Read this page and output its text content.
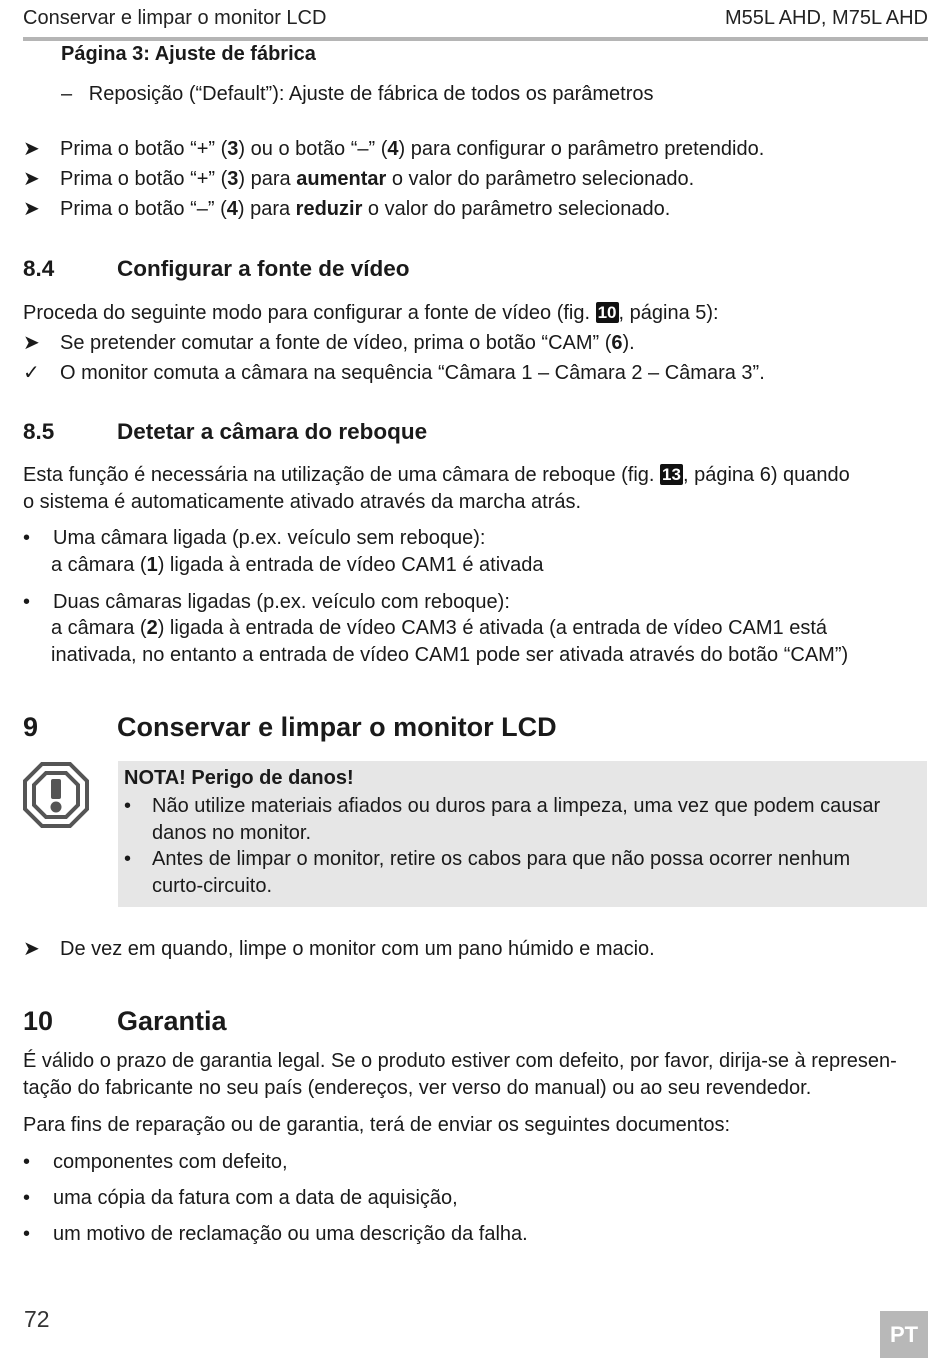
Conservar e limpar o monitor LCD	M55L AHD, M75L AHD
Página 3: Ajuste de fábrica
– Reposição (“Default”): Ajuste de fábrica de todos os parâmetros
➤ Prima o botão “+” (3) ou o botão “–” (4) para configurar o parâmetro pretendido.
➤ Prima o botão “+” (3) para aumentar o valor do parâmetro selecionado.
➤ Prima o botão “–” (4) para reduzir o valor do parâmetro selecionado.
8.4	Configurar a fonte de vídeo
Proceda do seguinte modo para configurar a fonte de vídeo (fig. 10 , página 5):
➤ Se pretender comutar a fonte de vídeo, prima o botão “CAM” (6).
✓ O monitor comuta a câmara na sequência “Câmara 1 – Câmara 2 – Câmara 3”.
8.5	Detetar a câmara do reboque
Esta função é necessária na utilização de uma câmara de reboque (fig. 13 , página 6) quando
o sistema é automaticamente ativado através da marcha atrás.
• Uma câmara ligada (p.ex. veículo sem reboque):
a câmara (1) ligada à entrada de vídeo CAM1 é ativada
• Duas câmaras ligadas (p.ex. veículo com reboque):
a câmara (2) ligada à entrada de vídeo CAM3 é ativada (a entrada de vídeo CAM1 está
inativada, no entanto a entrada de vídeo CAM1 pode ser ativada através do botão “CAM”)
9	Conservar e limpar o monitor LCD
NOTA! Perigo de danos!
• Não utilize materiais afiados ou duros para a limpeza, uma vez que podem causar
danos no monitor.
• Antes de limpar o monitor, retire os cabos para que não possa ocorrer nenhum
curto-circuito.
➤ De vez em quando, limpe o monitor com um pano húmido e macio.
10 Garantia
É válido o prazo de garantia legal. Se o produto estiver com defeito, por favor, dirija-se à represen-
tação do fabricante no seu país (endereços, ver verso do manual) ou ao seu revendedor.
Para fins de reparação ou de garantia, terá de enviar os seguintes documentos:
• componentes com defeito,
• uma cópia da fatura com a data de aquisição,
• um motivo de reclamação ou uma descrição da falha.
72
PT
